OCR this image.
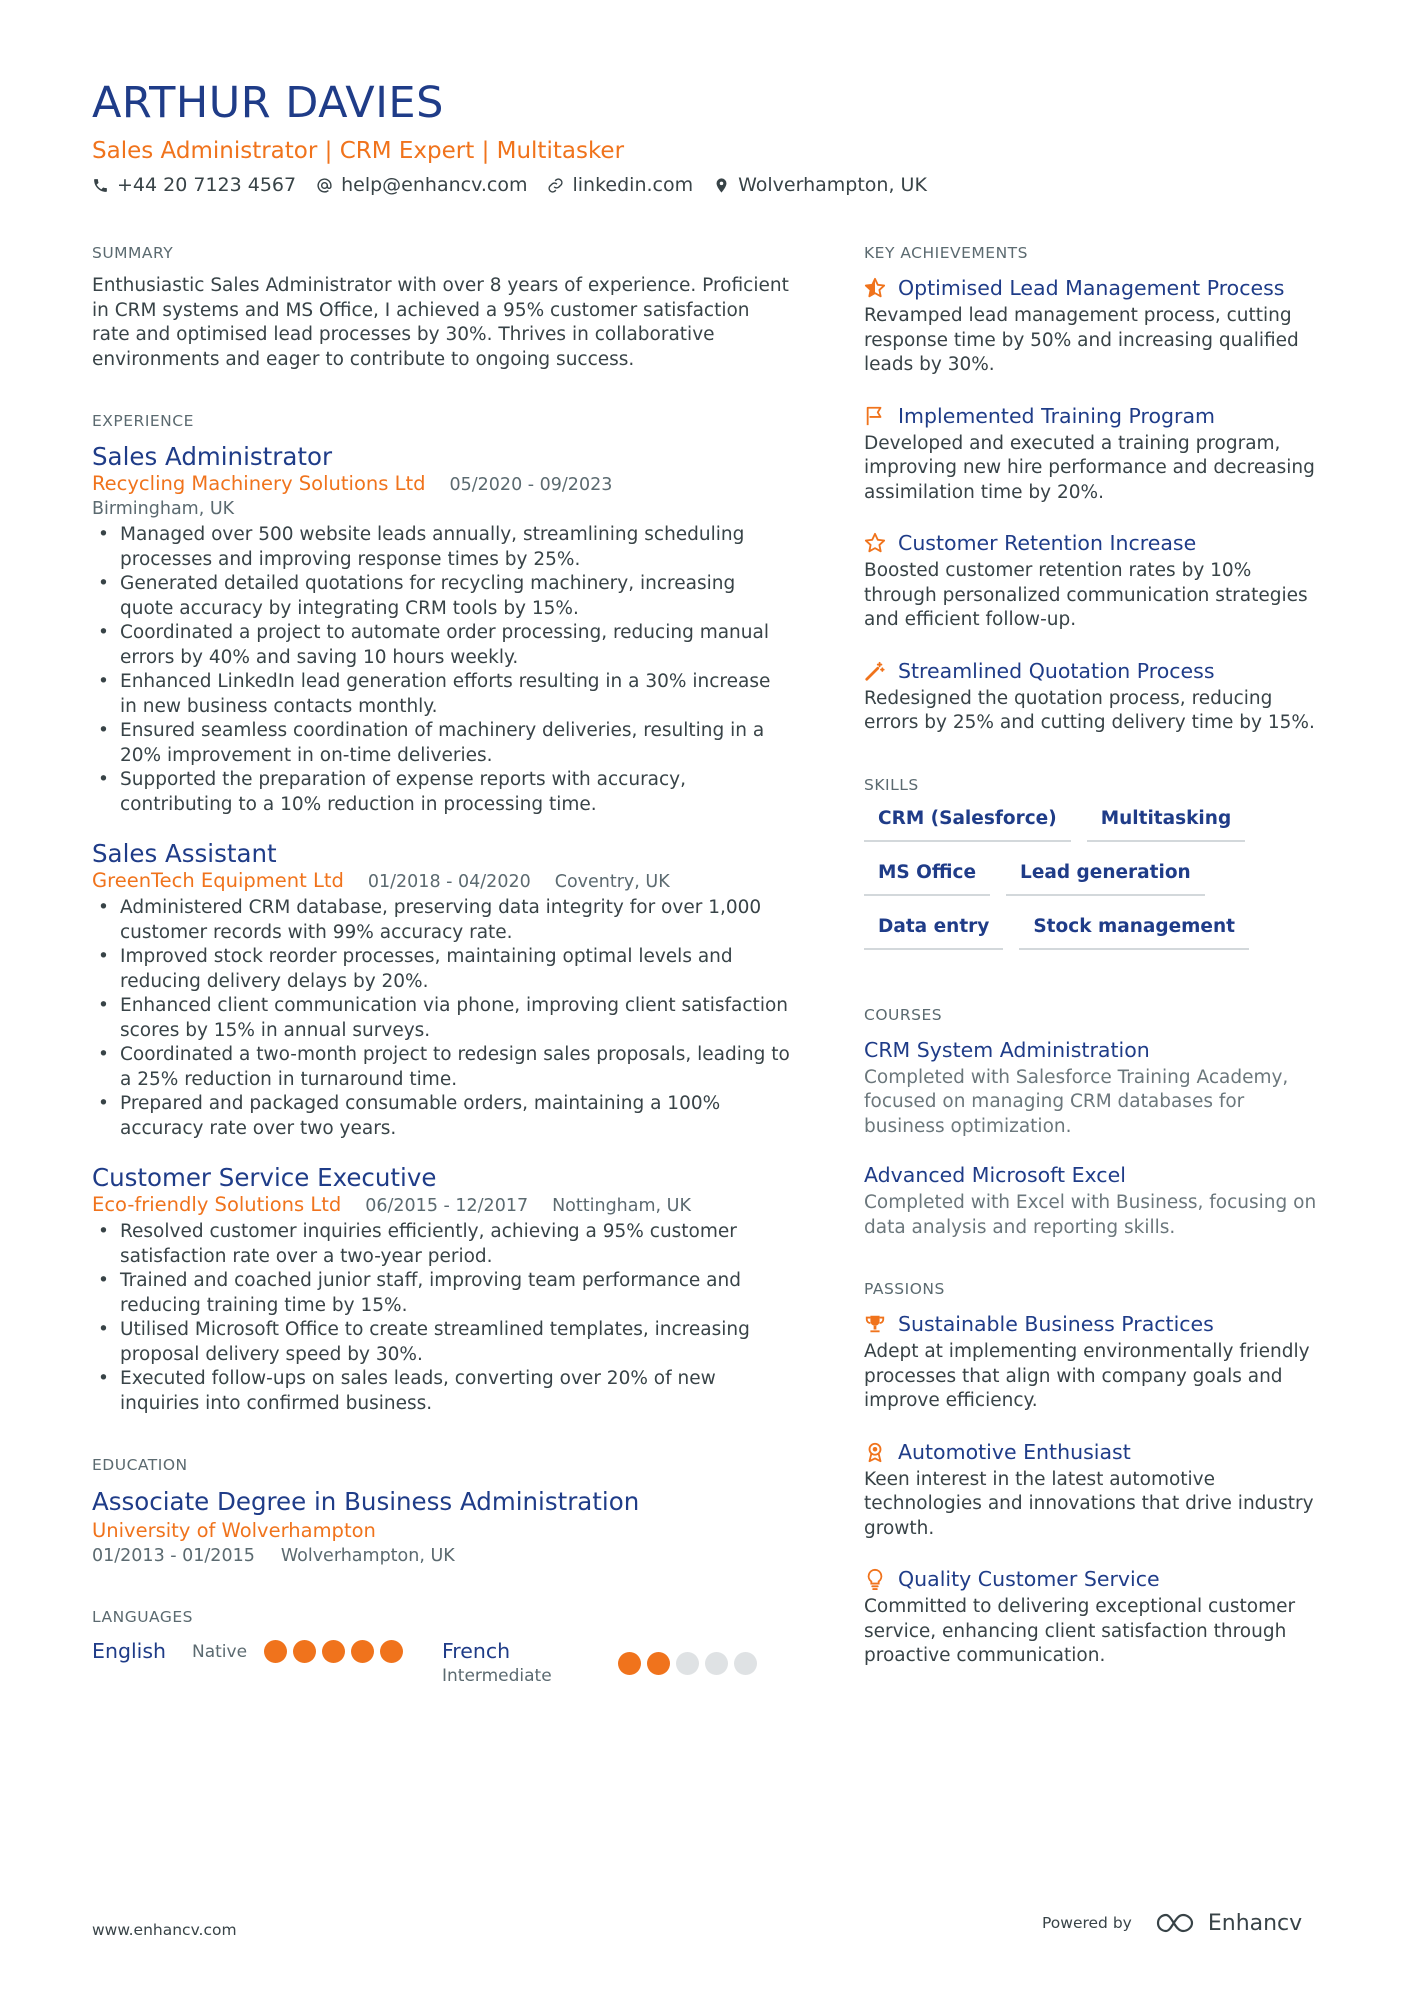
ARTHUR DAVIES
Sales Administrator | CRM Expert | Multitasker
+44 20 7123 4567 help@enhancv.com linkedin.com Wolverhampton, UK
SUMMARY

Enthusiastic Sales Administrator with over 8 years of experience. Proficient in CRM systems and MS Office, I achieved a 95% customer satisfaction rate and optimised lead processes by 30%. Thrives in collaborative environments and eager to contribute to ongoing success.

EXPERIENCE
Sales Administrator
Recycling Machinery Solutions Ltd 05/2020 - 09/2023
Birmingham, UK
• Managed over 500 website leads annually, streamlining scheduling processes and improving response times by 25%.
• Generated detailed quotations for recycling machinery, increasing quote accuracy by integrating CRM tools by 15%.
• Coordinated a project to automate order processing, reducing manual errors by 40% and saving 10 hours weekly.
• Enhanced LinkedIn lead generation efforts resulting in a 30% increase in new business contacts monthly.
• Ensured seamless coordination of machinery deliveries, resulting in a 20% improvement in on-time deliveries.
• Supported the preparation of expense reports with accuracy, contributing to a 10% reduction in processing time.
Sales Assistant
GreenTech Equipment Ltd 01/2018 - 04/2020 Coventry, UK
• Administered CRM database, preserving data integrity for over 1,000 customer records with 99% accuracy rate.
• Improved stock reorder processes, maintaining optimal levels and reducing delivery delays by 20%.
• Enhanced client communication via phone, improving client satisfaction scores by 15% in annual surveys.
• Coordinated a two-month project to redesign sales proposals, leading to a 25% reduction in turnaround time.
• Prepared and packaged consumable orders, maintaining a 100% accuracy rate over two years.
Customer Service Executive
Eco-friendly Solutions Ltd 06/2015 - 12/2017 Nottingham, UK
• Resolved customer inquiries efficiently, achieving a 95% customer satisfaction rate over a two-year period.
• Trained and coached junior staff, improving team performance and reducing training time by 15%.
• Utilised Microsoft Office to create streamlined templates, increasing proposal delivery speed by 30%.
• Executed follow-ups on sales leads, converting over 20% of new inquiries into confirmed business.
EDUCATION
Associate Degree in Business Administration
University of Wolverhampton
01/2013 - 01/2015 Wolverhampton, UK
LANGUAGES
English	Native	French
Intermediate
KEY ACHIEVEMENTS
Optimised Lead Management Process
Revamped lead management process, cutting response time by 50% and increasing qualified leads by 30%.
Implemented Training Program
Developed and executed a training program, improving new hire performance and decreasing assimilation time by 20%.
Customer Retention Increase
Boosted customer retention rates by 10% through personalized communication strategies and efficient follow-up.
Streamlined Quotation Process
Redesigned the quotation process, reducing errors by 25% and cutting delivery time by 15%.
SKILLS
CRM (Salesforce)	Multitasking
MS Office	Lead generation
Data entry	Stock management
COURSES
CRM System Administration
Completed with Salesforce Training Academy, focused on managing CRM databases for business optimization.
Advanced Microsoft Excel
Completed with Excel with Business, focusing on data analysis and reporting skills.
PASSIONS
Sustainable Business Practices
Adept at implementing environmentally friendly processes that align with company goals and improve efficiency.
Automotive Enthusiast
Keen interest in the latest automotive technologies and innovations that drive industry growth.
Quality Customer Service
Committed to delivering exceptional customer service, enhancing client satisfaction through proactive communication.
www.enhancv.com	Powered by	Enhancv
